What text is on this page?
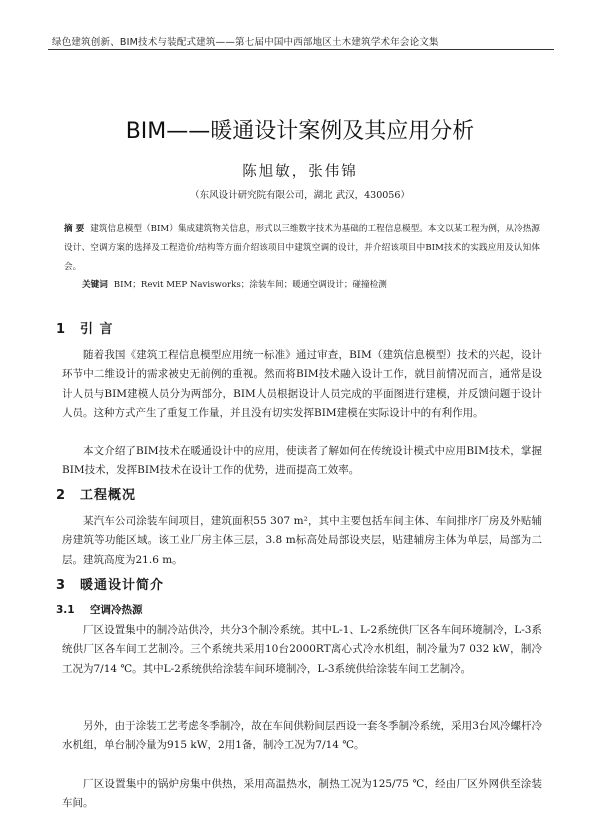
绿色建筑创新、BIM技术与装配式建筑——第七届中国中西部地区土木建筑学术年会论文集
BIM——暖通设计案例及其应用分析
陈旭敏，张伟锦
（东风设计研究院有限公司，湖北 武汉，430056）
摘 要 建筑信息模型（BIM）集成建筑物关信息，形式以三维数字技术为基础的工程信息模型。本文以某工程为例，从冷热源设计、空调方案的选择及工程造价/结构等方面介绍该项目中建筑空调的设计，并介绍该项目中BIM技术的实践应用及认知体会。
关键词 BIM；Revit MEP Navisworks；涂装车间；暖通空调设计；碰撞检测
1 引 言

随着我国《建筑工程信息模型应用统一标准》通过审查，BIM（建筑信息模型）技术的兴起，设计环节中二维设计的需求被史无前例的重视。然而将BIM技术融入设计工作，就目前情况而言，通常是设计人员与BIM建模人员分为两部分，BIM人员根据设计人员完成的平面图进行建模，并反馈问题于设计人员。这种方式产生了重复工作量，并且没有切实发挥BIM建模在实际设计中的有利作用。

本文介绍了BIM技术在暖通设计中的应用，使读者了解如何在传统设计模式中应用BIM技术，掌握BIM技术，发挥BIM技术在设计工作的优势，进而提高工效率。

2 工程概况

某汽车公司涂装车间项目，建筑面积55 307 m²，其中主要包括车间主体、车间排序厂房及外贴辅房建筑等功能区域。该工业厂房主体三层，3.8 m标高处局部设夹层，贴建辅房主体为单层，局部为二层。建筑高度为21.6 m。

3 暖通设计简介
3.1 空调冷热源

厂区设置集中的制冷站供冷，共分3个制冷系统。其中L-1、L-2系统供厂区各车间环境制冷，L-3系统供厂区各车间工艺制冷。三个系统共采用10台2000RT离心式冷水机组，制冷量为7 032 kW，制冷工况为7/14 ℃。其中L-2系统供给涂装车间环境制冷，L-3系统供给涂装车间工艺制冷。

另外，由于涂装工艺考虑冬季制冷，故在车间供粉间层西设一套冬季制冷系统，采用3台风冷螺杆冷水机组，单台制冷量为915 kW，2用1备，制冷工况为7/14 ℃。

厂区设置集中的锅炉房集中供热，采用高温热水，制热工况为125/75 ℃，经由厂区外网供至涂装车间。
